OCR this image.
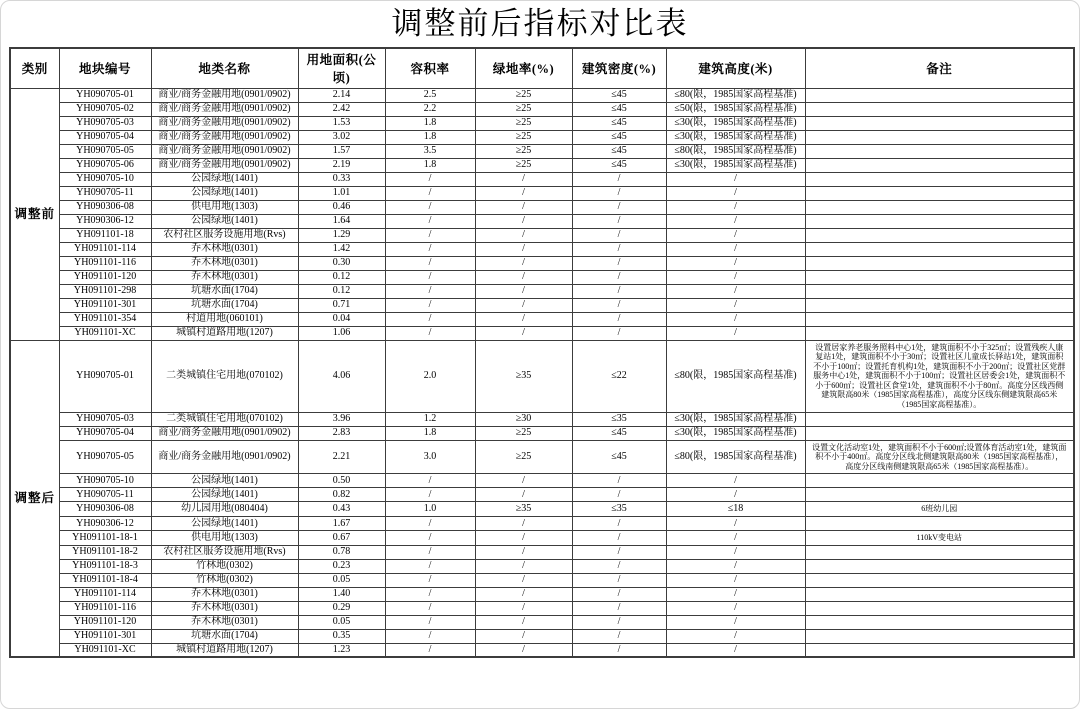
调整前后指标对比表
类别	地块编号	地类名称	用地面积(公顷)	容积率	绿地率(%)	建筑密度(%)	建筑高度(米)	备注
调整前	YH090705-01	商业/商务金融用地(0901/0902)	2.14	2.5	≥25	≤45	≤80(限，1985国家高程基准)	
	YH090705-02	商业/商务金融用地(0901/0902)	2.42	2.2	≥25	≤45	≤50(限，1985国家高程基准)	
	YH090705-03	商业/商务金融用地(0901/0902)	1.53	1.8	≥25	≤45	≤30(限，1985国家高程基准)	
	YH090705-04	商业/商务金融用地(0901/0902)	3.02	1.8	≥25	≤45	≤30(限，1985国家高程基准)	
	YH090705-05	商业/商务金融用地(0901/0902)	1.57	3.5	≥25	≤45	≤80(限，1985国家高程基准)	
	YH090705-06	商业/商务金融用地(0901/0902)	2.19	1.8	≥25	≤45	≤30(限，1985国家高程基准)	
	YH090705-10	公园绿地(1401)	0.33	/	/	/	/	
	YH090705-11	公园绿地(1401)	1.01	/	/	/	/	
	YH090306-08	供电用地(1303)	0.46	/	/	/	/	
	YH090306-12	公园绿地(1401)	1.64	/	/	/	/	
	YH091101-18	农村社区服务设施用地(Rvs)	1.29	/	/	/	/	
	YH091101-114	乔木林地(0301)	1.42	/	/	/	/	
	YH091101-116	乔木林地(0301)	0.30	/	/	/	/	
	YH091101-120	乔木林地(0301)	0.12	/	/	/	/	
	YH091101-298	坑塘水面(1704)	0.12	/	/	/	/	
	YH091101-301	坑塘水面(1704)	0.71	/	/	/	/	
	YH091101-354	村道用地(060101)	0.04	/	/	/	/	
	YH091101-XC	城镇村道路用地(1207)	1.06	/	/	/	/	
调整后	YH090705-01	二类城镇住宅用地(070102)	4.06	2.0	≥35	≤22	≤80(限，1985国家高程基准)	设置居家养老服务照料中心1处，建筑面积不小于325㎡；设置残疾人康复站1处，建筑面积不小于30㎡；设置社区儿童成长驿站1处，建筑面积不小于100㎡；设置托育机构1处，建筑面积不小于200㎡；设置社区党群服务中心1处，建筑面积不小于100㎡；设置社区居委会1处，建筑面积不小于600㎡；设置社区食堂1处，建筑面积不小于80㎡。高度分区线西侧建筑限高80米（1985国家高程基准），高度分区线东侧建筑限高65米（1985国家高程基准）。
	YH090705-03	二类城镇住宅用地(070102)	3.96	1.2	≥30	≤35	≤30(限，1985国家高程基准)	
	YH090705-04	商业/商务金融用地(0901/0902)	2.83	1.8	≥25	≤45	≤30(限，1985国家高程基准)	
	YH090705-05	商业/商务金融用地(0901/0902)	2.21	3.0	≥25	≤45	≤80(限，1985国家高程基准)	设置文化活动室1处，建筑面积不小于600㎡;设置体育活动室1处，建筑面积不小于400㎡。高度分区线北侧建筑限高80米（1985国家高程基准），高度分区线南侧建筑限高65米（1985国家高程基准）。
	YH090705-10	公园绿地(1401)	0.50	/	/	/	/	
	YH090705-11	公园绿地(1401)	0.82	/	/	/	/	
	YH090306-08	幼儿园用地(080404)	0.43	1.0	≥35	≤35	≤18	6班幼儿园
	YH090306-12	公园绿地(1401)	1.67	/	/	/	/	
	YH091101-18-1	供电用地(1303)	0.67	/	/	/	/	110kV变电站
	YH091101-18-2	农村社区服务设施用地(Rvs)	0.78	/	/	/	/	
	YH091101-18-3	竹林地(0302)	0.23	/	/	/	/	
	YH091101-18-4	竹林地(0302)	0.05	/	/	/	/	
	YH091101-114	乔木林地(0301)	1.40	/	/	/	/	
	YH091101-116	乔木林地(0301)	0.29	/	/	/	/	
	YH091101-120	乔木林地(0301)	0.05	/	/	/	/	
	YH091101-301	坑塘水面(1704)	0.35	/	/	/	/	
	YH091101-XC	城镇村道路用地(1207)	1.23	/	/	/	/	
